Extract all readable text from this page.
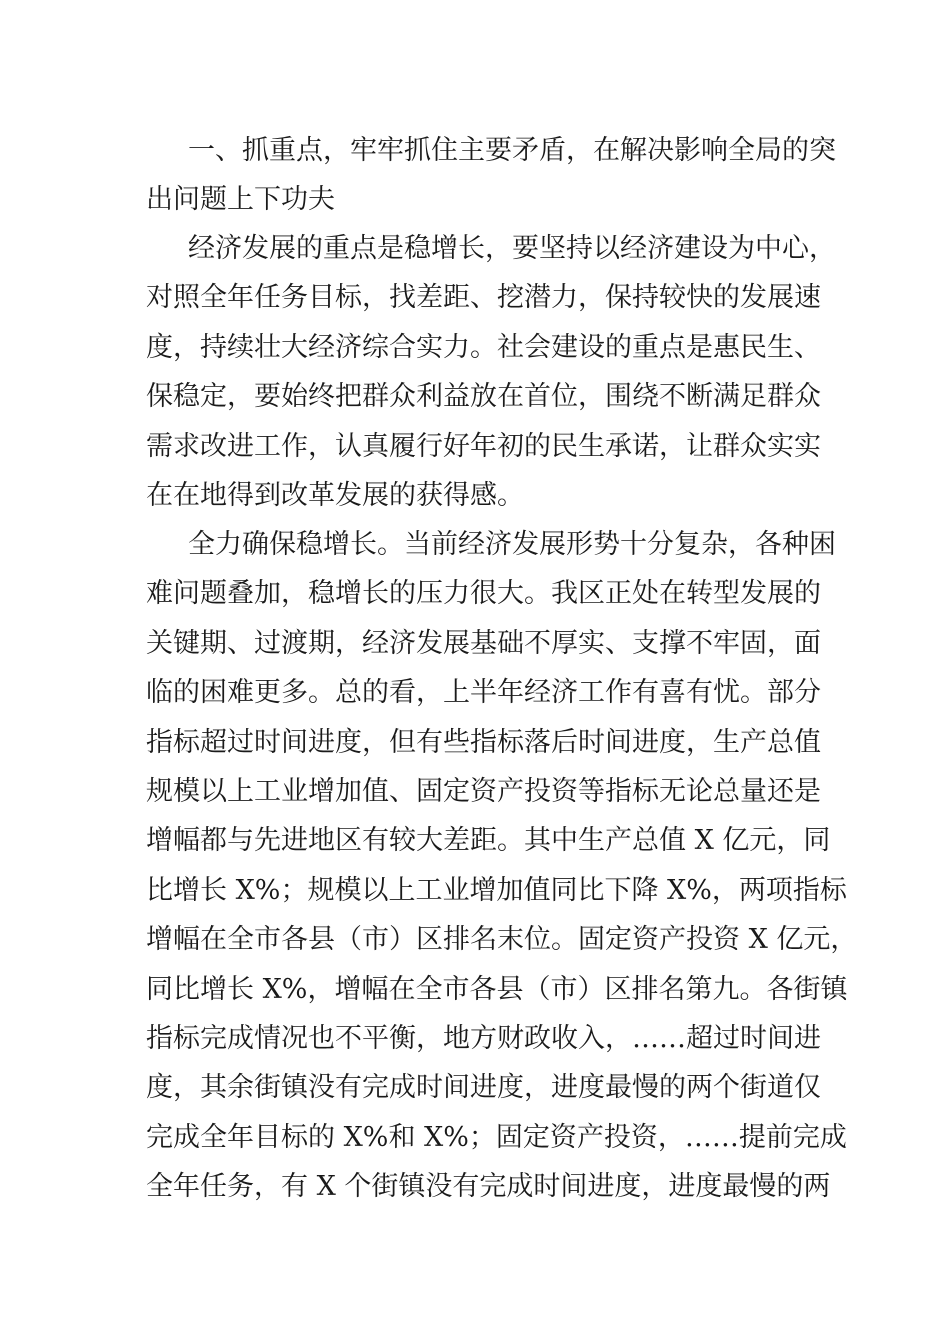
一、抓重点，牢牢抓住主要矛盾，在解决影响全局的突
出问题上下功夫
经济发展的重点是稳增长，要坚持以经济建设为中心，
对照全年任务目标，找差距、挖潜力，保持较快的发展速
度，持续壮大经济综合实力。社会建设的重点是惠民生、
保稳定，要始终把群众利益放在首位，围绕不断满足群众
需求改进工作，认真履行好年初的民生承诺，让群众实实
在在地得到改革发展的获得感。
全力确保稳增长。当前经济发展形势十分复杂，各种困
难问题叠加，稳增长的压力很大。我区正处在转型发展的
关键期、过渡期，经济发展基础不厚实、支撑不牢固，面
临的困难更多。总的看，上半年经济工作有喜有忧。部分
指标超过时间进度，但有些指标落后时间进度，生产总值
规模以上工业增加值、固定资产投资等指标无论总量还是
增幅都与先进地区有较大差距。其中生产总值 X 亿元，同
比增长 X%；规模以上工业增加值同比下降 X%，两项指标
增幅在全市各县（市）区排名末位。固定资产投资 X 亿元，
同比增长 X%，增幅在全市各县（市）区排名第九。各街镇
指标完成情况也不平衡，地方财政收入，……超过时间进
度，其余街镇没有完成时间进度，进度最慢的两个街道仅
完成全年目标的 X%和 X%；固定资产投资，……提前完成
全年任务，有 X 个街镇没有完成时间进度，进度最慢的两
